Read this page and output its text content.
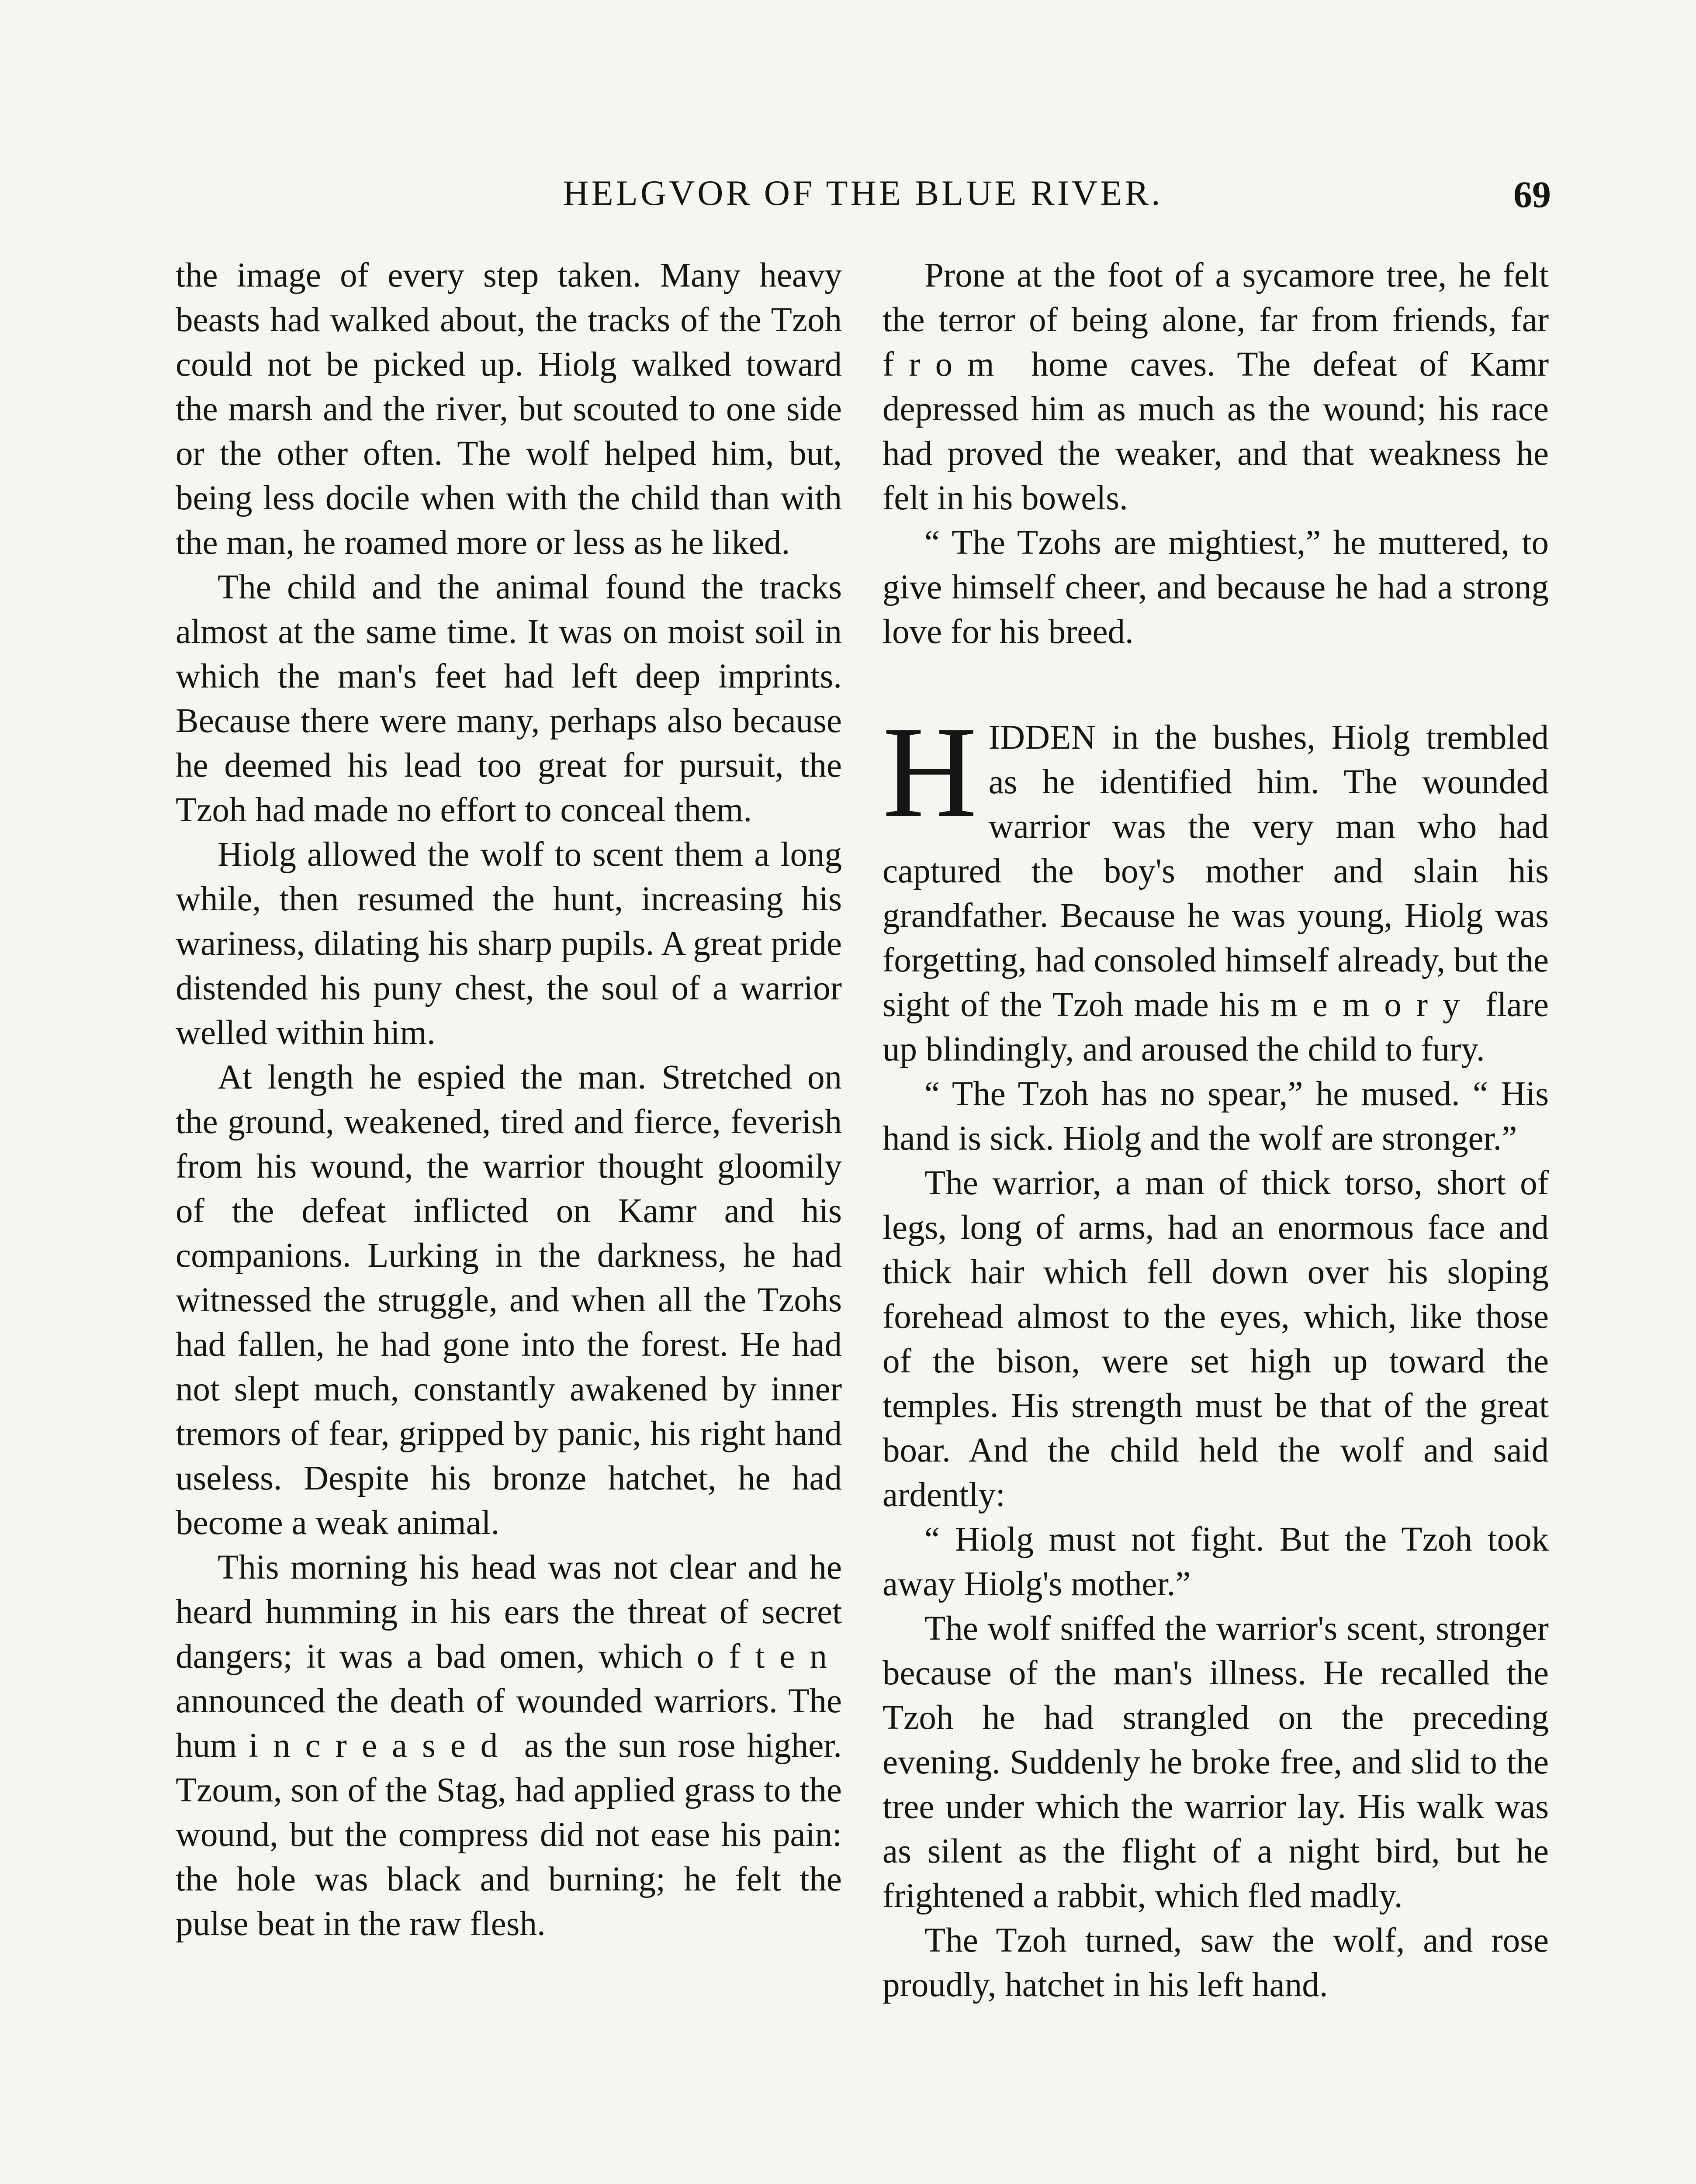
HELGVOR OF THE BLUE RIVER.	69

the image of every step taken. Many heavy beasts had walked about, the tracks of the Tzoh could not be picked up. Hiolg walked toward the marsh and the river, but scouted to one side or the other often. The wolf helped him, but, being less docile when with the child than with the man, he roamed more or less as he liked.

The child and the animal found the tracks almost at the same time. It was on moist soil in which the man's feet had left deep imprints. Because there were many, perhaps also because he deemed his lead too great for pursuit, the Tzoh had made no effort to conceal them.

Hiolg allowed the wolf to scent them a long while, then resumed the hunt, increasing his wariness, dilating his sharp pupils. A great pride distended his puny chest, the soul of a warrior welled within him.

At length he espied the man. Stretched on the ground, weakened, tired and fierce, feverish from his wound, the warrior thought gloomily of the defeat inflicted on Kamr and his companions. Lurking in the darkness, he had witnessed the struggle, and when all the Tzohs had fallen, he had gone into the forest. He had not slept much, constantly awakened by inner tremors of fear, gripped by panic, his right hand useless. Despite his bronze hatchet, he had become a weak animal.

This morning his head was not clear and he heard humming in his ears the threat of secret dangers; it was a bad omen, which often announced the death of wounded warriors. The hum increased as the sun rose higher. Tzoum, son of the Stag, had applied grass to the wound, but the compress did not ease his pain: the hole was black and burning; he felt the pulse beat in the raw flesh.

Prone at the foot of a sycamore tree, he felt the terror of being alone, far from friends, far from home caves. The defeat of Kamr depressed him as much as the wound; his race had proved the weaker, and that weakness he felt in his bowels.

“ The Tzohs are mightiest,” he muttered, to give himself cheer, and because he had a strong love for his breed.

HIDDEN in the bushes, Hiolg trembled as he identified him. The wounded warrior was the very man who had captured the boy's mother and slain his grandfather. Because he was young, Hiolg was forgetting, had consoled himself already, but the sight of the Tzoh made his memory flare up blindingly, and aroused the child to fury.

“ The Tzoh has no spear,” he mused. “ His hand is sick. Hiolg and the wolf are stronger.”

The warrior, a man of thick torso, short of legs, long of arms, had an enormous face and thick hair which fell down over his sloping forehead almost to the eyes, which, like those of the bison, were set high up toward the temples. His strength must be that of the great boar. And the child held the wolf and said ardently:

“ Hiolg must not fight. But the Tzoh took away Hiolg's mother.”

The wolf sniffed the warrior's scent, stronger because of the man's illness. He recalled the Tzoh he had strangled on the preceding evening. Suddenly he broke free, and slid to the tree under which the warrior lay. His walk was as silent as the flight of a night bird, but he frightened a rabbit, which fled madly.

The Tzoh turned, saw the wolf, and rose proudly, hatchet in his left hand.
